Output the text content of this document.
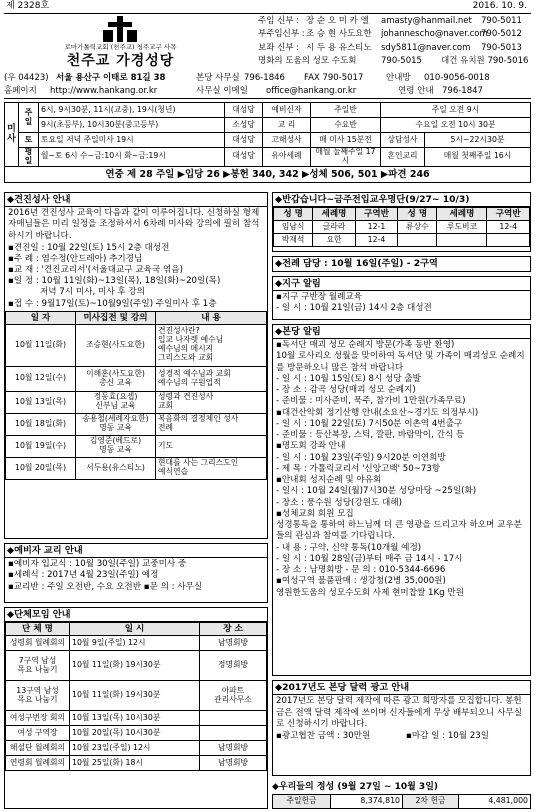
제 2328호	2016. 10. 9.
로마가톨릭교회 (천주교) 청주교구 사목
천주교 가경성당
주임 신부 : 장 순 오 미 카 엘	amasty@hanmail.net	790-5011
부주임신부 : 조 승 현 사도요한	johannescho@naver.com
790-5012
보좌 신부 : 시 두 용 유스티노	sdy5811@naver.com	790-5013
명화의 도움의 성모 수도회	790-5015	대건 유치원 790-5016
(우 04423) 서울 용산구 이태로 81길 38	본당 사무실 796-1846	FAX 790-5017	안내방	010-9056-0018
홈페이지	http://www.hankang.or.kr	사무실 이메일	office@hankang.or.kr	연령 안내 796-1847
미 사	주일	6시, 9시30분, 11시(교중), 19시(청년)	대성당	예비신자	주일반	주일 오전 9시	
		9시(초등부), 10시30분(중고등부)	소성당	교 리	수요반	수요일 오전 10시 30분	
	토	토요일 저녁 주일미사 19시	대성당	고해성사	매 미사 15분전	상담성사	5시~22시30분
	평일	월~토 6시 수~금:10시 화~금:19시	대성당	유아세례	매월 둘째주일 17시	혼인교리	매월 첫째주일 16시
연중 제 28 주일 ▶입당 26 ▶봉헌 340, 342 ▶성체 506, 501 ▶파견 246
◆견진성사 안내
2016년 견진성사 교육이 다음과 같이 이루어집니다. 신청하실 형제 자매님들은 미리 일정을 조정하셔서 6차례 미사와 강의에 필히 참석하시기 바랍니다.
▪견진일 : 10월 22일(토) 15시 2층 대성전
▪주 례 : 염수정(안드레아) 추기경님
▪교 재 : '견진교리서'(서울대교구 교육국 엮음)
▪일 정 : 10월 11일(화)~13일(목), 18일(화)~20일(목)
저녁 7시 미사, 미사 후 강의
▪접 수 : 9월17일(토)~10월9일(주일) 주일미사 후 1층
일 자	미사집전 및 강의	내 용
10월 11일(화)	조승현(사도요한)	견진성사란?
입교 나자렛 예수님
예수님의 메시지
그리스도와 교회
10월 12일(수)	이해훈(사도요한)
총신 교육	성경적 예수님과 교회
예수님의 구원업적
10월 13일(목)	정동효(요셉)
신부님 교육	성령과 견진성사
교회
10월 18일(화)	송용철(세례자요한)
명동 교육	복음화의 결정체인 성사
전례
10월 19일(수)	김영준(베드로)
명동 교육	기도
10월 20일(목)	서두용(유스티노)	현대를 사는 그리스도인
예식연습
◆예비자 교리 안내
▪예비자 입교식 : 10월 30일(주일) 교중미사 중
▪세례식 : 2017년 4월 23일(주일) 예정
▪교리반 : 주일 오전반, 수요 오전반 ▪문 의 : 사무실
◆단체모임 안내
단 체 명	일 시	장 소
성령회 월례회의	10월 9일(주일) 12시	남명회방
7구역 남성
목요 나눔기	10월 11일(화) 19시30분	정명회방
13구역 남성
목요 나눔기	10월 11일(화) 19시30분	아파트
관리사무소
여성구번장 회의	10월 13일(목) 10시30분	
여성 구역장	10월 20일(목) 10시30분	
해설단 월례회의	10월 23일(주일) 12시	남명회방
연령회 월례회의	10월 25일(화) 18시	남명회방
◆반갑습니다~금주전입교우명단(9/27~ 10/3)
성 명	세례명	구역반	성 명	세례명	구역반
임남식	글라라	12-1	류상수	루도비코	12-4
박재석	요한	12-4			
◆전례 담당 : 10월 16일(주일) - 2구역
◆지구 알림
▪지구 구반장 월례교육
- 일 시 : 10월 21일(금) 14시 2층 대성전
◆본당 알림
▪독서단 매괴 성모 순례지 방문(가족 동반 환영)
10월 로사리오 성월을 맞이하여 독서단 및 가족이 매괴성모 순례지를 방문하오니 많은 참석 바랍니다
- 일 시 : 10월 15일(토) 8시 성당 출발
- 장 소 : 감곡 성당(매괴 성모 순례지)
- 준비물 : 미사준비, 묵주, 참가비 1만원(가족무료)
▪대건산악회 정기산행 안내(소요산~경기도 의정부시)
- 일 시 : 10월 22일(토) 7시50분 이촌역 4번출구
- 준비물 : 등산복장, 스틱, 깔판, 바람막이, 간식 등
▪명도회 강좌 안내
- 일 시 : 10월 23일(주일) 9시20분 이연희방
- 제 목 : 가톨릭교리서 '신앙고백' 50~73항
▪안내회 성지순례 및 야유회
- 일시 : 10월 24일(월)7시30분 성당마당 ~25일(화)
- 장소 : 풍수원 성당(강원도 대해)
▪성체교회 회원 모집
성경통독을 통하여 하느님께 더 큰 영광을 드리고자 하오며 교우분들의 관심과 참여를 기다립니다.
- 내 용 : 구약, 신약 통독(10개월 예정)
- 일 시 : 10월 28일(금)부터 매주 금 14시 - 17시
- 장 소 : 남명회방 - 문 의 : 010-5344-6696
▪여성구역 물품판매 : 생강청(2병 35,000원)
영원한도움의 성모수도회 사제 현미찹쌀 1Kg 만원
◆2017년도 본당 달력 광고 안내
2017년도 본당 달력 제작에 따른 광고 희망자를 모집합니다. 봉헌금은 전액 달력 제작에 쓰이며 신자들에게 무상 배부되오니 사무실로 신청하시기 바랍니다.
▪광고협찬 금액 : 30만원	▪마감 일 : 10월 23일
◆우리들의 정성 (9월 27일 ~ 10월 3일)
주일헌금	8,374,810	2차 헌금	4,481,000
